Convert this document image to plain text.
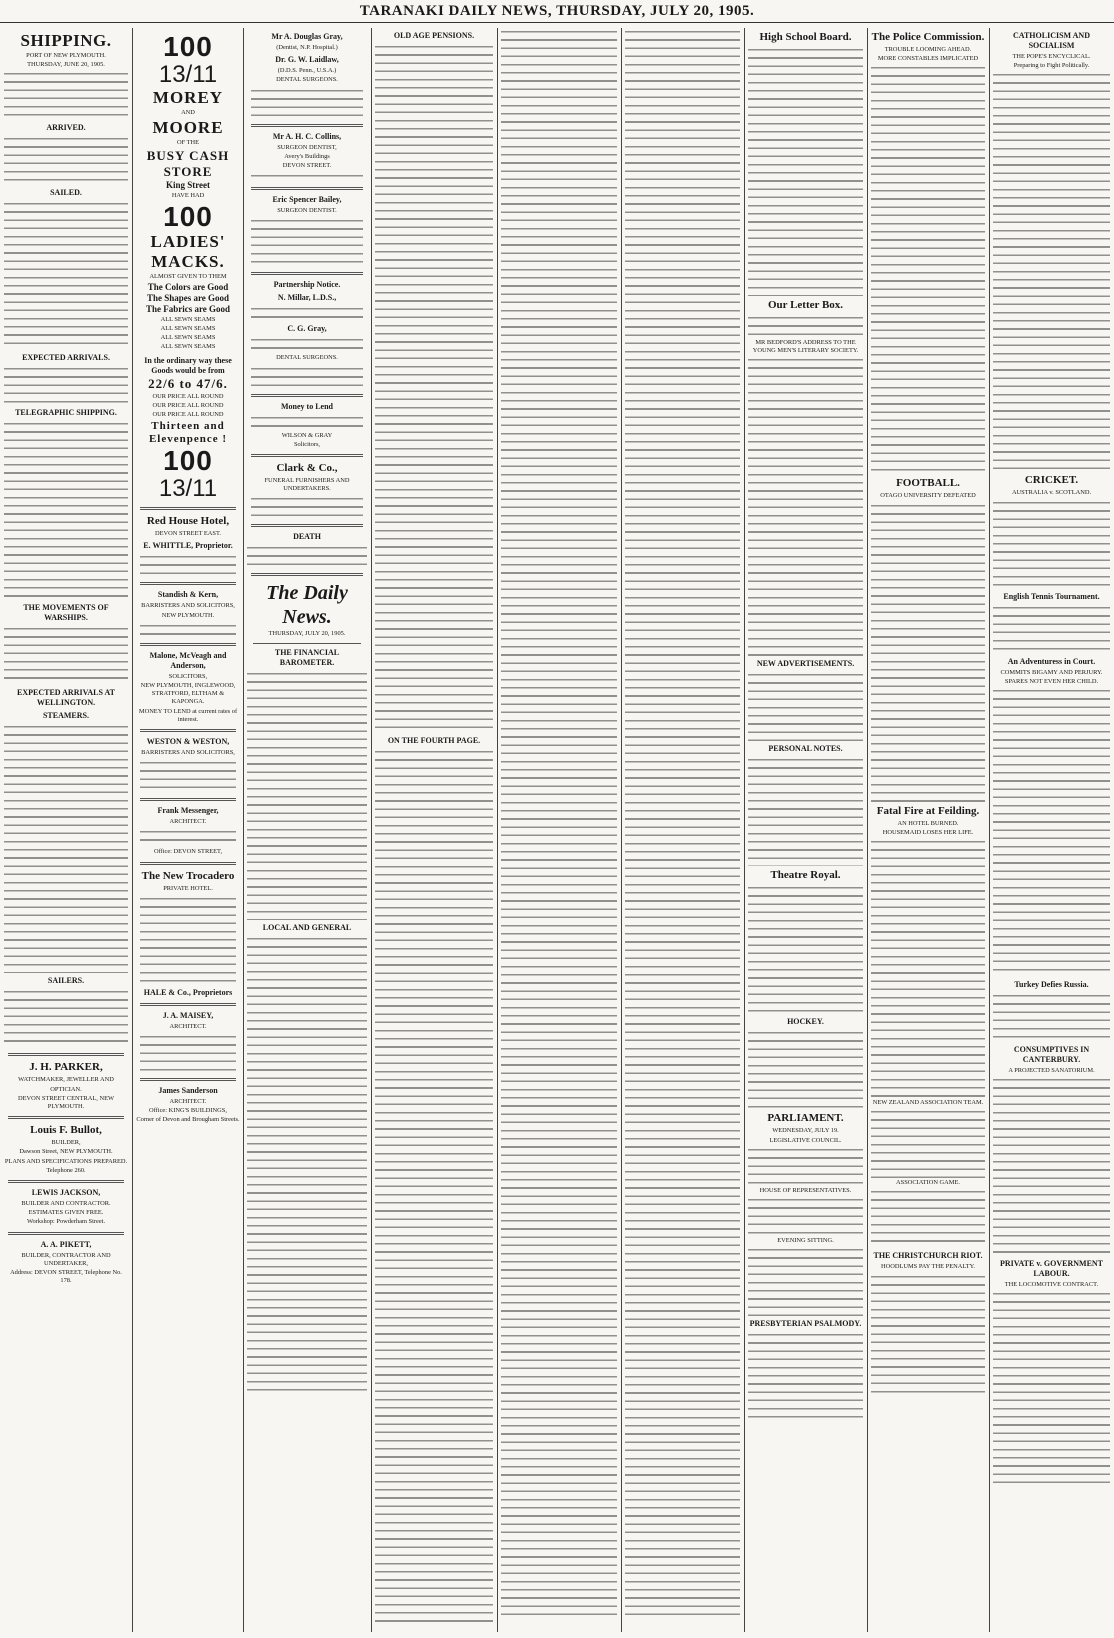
TARANAKI DAILY NEWS, THURSDAY, JULY 20, 1905.
SHIPPING.
PORT OF NEW PLYMOUTH.
THURSDAY, JUNE 20, 1905.
ARRIVED.
SAILED.
EXPECTED ARRIVALS.
TELEGRAPHIC SHIPPING.
THE MOVEMENTS OF WARSHIPS.
EXPECTED ARRIVALS AT WELLINGTON.
STEAMERS.
SAILERS.
J. H. PARKER,
WATCHMAKER, JEWELLER AND
OPTICIAN.
DEVON STREET CENTRAL, NEW PLYMOUTH.
Louis F. Bullot,
BUILDER,
Dawson Street, NEW PLYMOUTH.
PLANS AND SPECIFICATIONS PREPARED.
Telephone 260.
LEWIS JACKSON,
BUILDER AND CONTRACTOR.
ESTIMATES GIVEN FREE.
Workshop: Powderham Street.
A. A. PIKETT,
BUILDER, CONTRACTOR AND UNDERTAKER,
Address: DEVON STREET, Telephone No. 178.
100
13/11
MOREY
AND
MOORE
OF THE
BUSY CASH STORE
King Street
HAVE HAD
100
LADIES'
MACKS.
ALMOST GIVEN TO THEM
The Colors are Good
The Shapes are Good
The Fabrics are Good
ALL SEWN SEAMS
ALL SEWN SEAMS
ALL SEWN SEAMS
ALL SEWN SEAMS
In the ordinary way these Goods would be from
22/6 to 47/6.
OUR PRICE ALL ROUND
OUR PRICE ALL ROUND
OUR PRICE ALL ROUND
Thirteen and Elevenpence !
100
13/11
Red House Hotel,
DEVON STREET EAST.
E. WHITTLE, Proprietor.
Standish & Kern,
BARRISTERS AND SOLICITORS,
NEW PLYMOUTH.
Malone, McVeagh and Anderson,
SOLICITORS,
NEW PLYMOUTH, INGLEWOOD, STRATFORD, ELTHAM & KAPONGA.
MONEY TO LEND at current rates of interest.
WESTON & WESTON,
BARRISTERS AND SOLICITORS,
Frank Messenger,
ARCHITECT.
Office: DEVON STREET,
The New Trocadero
PRIVATE HOTEL.
HALE & Co., Proprietors
J. A. MAISEY,
ARCHITECT.
James Sanderson
ARCHITECT.
Office: KING'S BUILDINGS,
Corner of Devon and Brougham Streets.
Mr A. Douglas Gray,
(Dentist, N.P. Hospital.)
Dr. G. W. Laidlaw,
(D.D.S. Penn., U.S.A.)
DENTAL SURGEONS.
Mr A. H. C. Collins,
SURGEON DENTIST,
Avery's Buildings
DEVON STREET.
Eric Spencer Bailey,
SURGEON DENTIST.
Partnership Notice.
N. Millar, L.D.S.,
C. G. Gray,
DENTAL SURGEONS.
Money to Lend
WILSON & GRAY
Solicitors,
Clark & Co.,
FUNERAL FURNISHERS AND UNDERTAKERS.
DEATH
The Daily News.
THURSDAY, JULY 20, 1905.
THE FINANCIAL BAROMETER.
LOCAL AND GENERAL
OLD AGE PENSIONS.
ON THE FOURTH PAGE.
High School Board.
Our Letter Box.
MR BEDFORD'S ADDRESS TO THE YOUNG MEN'S LITERARY SOCIETY.
NEW ADVERTISEMENTS.
PERSONAL NOTES.
Theatre Royal.
HOCKEY.
PARLIAMENT.
WEDNESDAY, JULY 19.
LEGISLATIVE COUNCIL.
HOUSE OF REPRESENTATIVES.
EVENING SITTING.
PRESBYTERIAN PSALMODY.
The Police Commission.
TROUBLE LOOMING AHEAD.
MORE CONSTABLES IMPLICATED
FOOTBALL.
OTAGO UNIVERSITY DEFEATED
Fatal Fire at Feilding.
AN HOTEL BURNED.
HOUSEMAID LOSES HER LIFE.
NEW ZEALAND ASSOCIATION TEAM.
ASSOCIATION GAME.
THE CHRISTCHURCH RIOT.
HOODLUMS PAY THE PENALTY.
CATHOLICISM AND SOCIALISM
THE POPE'S ENCYCLICAL.
Preparing to Fight Politically.
CRICKET.
AUSTRALIA v. SCOTLAND.
English Tennis Tournament.
An Adventuress in Court.
COMMITS BIGAMY AND PERJURY.
SPARES NOT EVEN HER CHILD.
Turkey Defies Russia.
CONSUMPTIVES IN CANTERBURY.
A PROJECTED SANATORIUM.
PRIVATE v. GOVERNMENT LABOUR.
THE LOCOMOTIVE CONTRACT.
